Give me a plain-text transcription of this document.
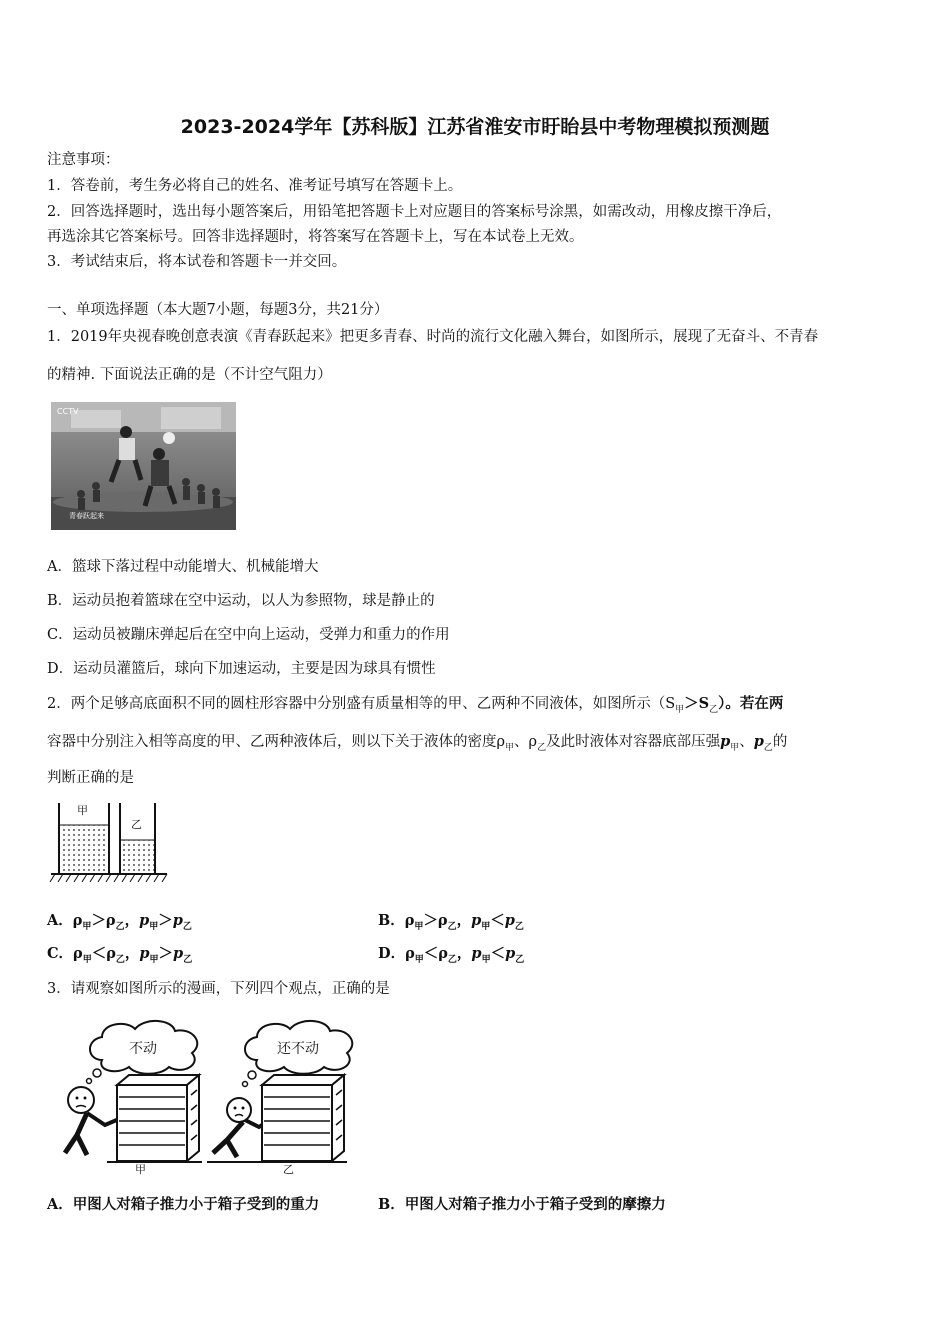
2023-2024学年【苏科版】江苏省淮安市盱眙县中考物理模拟预测题
注意事项：
1．答卷前，考生务必将自己的姓名、准考证号填写在答题卡上。
2．回答选择题时，选出每小题答案后，用铅笔把答题卡上对应题目的答案标号涂黑，如需改动，用橡皮擦干净后，
再选涂其它答案标号。回答非选择题时，将答案写在答题卡上，写在本试卷上无效。
3．考试结束后，将本试卷和答题卡一并交回。
一、单项选择题（本大题7小题，每题3分，共21分）
1．2019年央视春晚创意表演《青春跃起来》把更多青春、时尚的流行文化融入舞台，如图所示，展现了无奋斗、不青春
的精神. 下面说法正确的是（不计空气阻力）
CCTV
青春跃起来
A．篮球下落过程中动能增大、机械能增大
B．运动员抱着篮球在空中运动，以人为参照物，球是静止的
C．运动员被蹦床弹起后在空中向上运动，受弹力和重力的作用
D．运动员灌篮后，球向下加速运动，主要是因为球具有惯性
2．两个足够高底面积不同的圆柱形容器中分别盛有质量相等的甲、乙两种不同液体，如图所示$(S_甲>S_乙)$。若在两
容器中分别注入相等高度的甲、乙两种液体后，则以下关于液体的密度$\rho_甲$、$\rho_乙$及此时液体对容器底部压强$p_甲$、$p_乙$的
判断正确的是
甲
乙
A．$\rho_甲>\rho_乙$，$p_甲>p_乙$	B．$\rho_甲>\rho_乙$，$p_甲<p_乙$
C．$\rho_甲<\rho_乙$，$p_甲>p_乙$	D．$\rho_甲<\rho_乙$，$p_甲<p_乙$
3．请观察如图所示的漫画，下列四个观点，正确的是
不动	还不动
甲	乙
A．甲图人对箱子推力小于箱子受到的重力	B．甲图人对箱子推力小于箱子受到的摩擦力
